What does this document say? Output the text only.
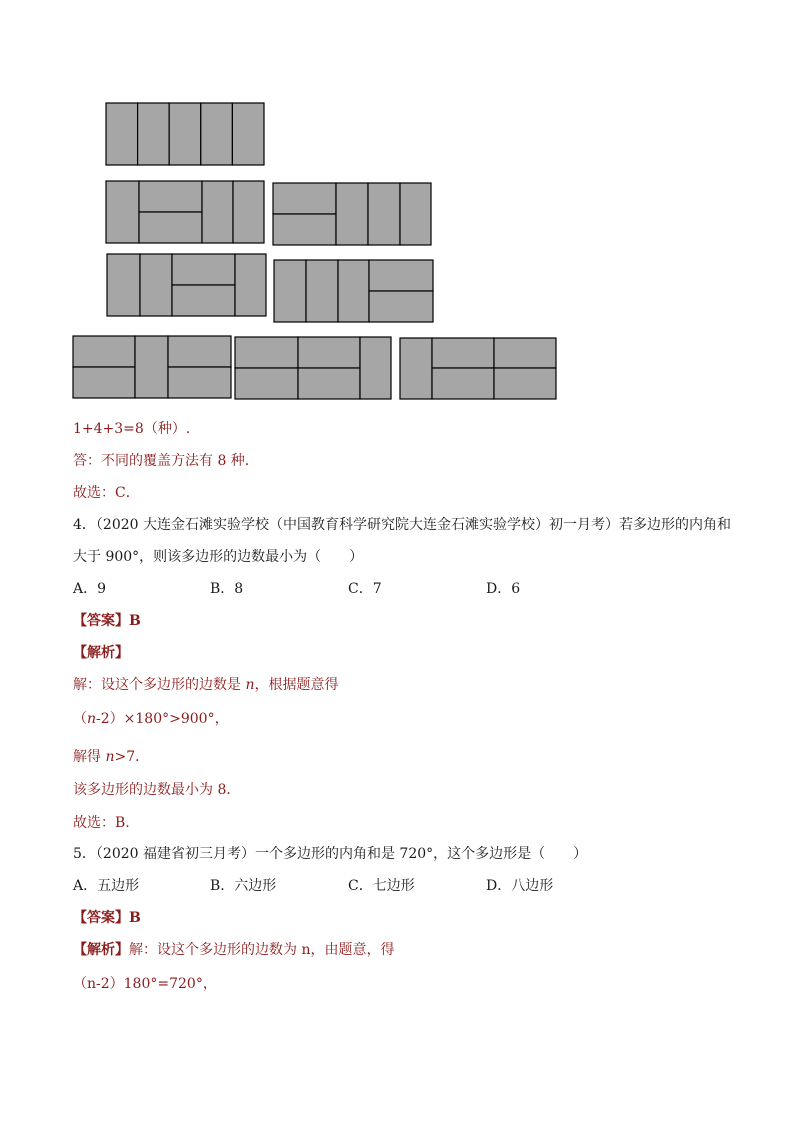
1+4+3=8（种）.
答：不同的覆盖方法有 8 种．
故选：C．
4．（2020 大连金石滩实验学校（中国教育科学研究院大连金石滩实验学校）初一月考）若多边形的内角和
大于 900°，则该多边形的边数最小为（　　）
A．9	B．8	C．7	D．6
【答案】B
【解析】
解：设这个多边形的边数是 n，根据题意得
（n-2）×180°>900°，
解得 n>7．
该多边形的边数最小为 8．
故选：B.
5．（2020 福建省初三月考）一个多边形的内角和是 720°，这个多边形是（　　）
A．五边形	B．六边形	C．七边形	D．八边形
【答案】B
【解析】解：设这个多边形的边数为 n，由题意，得
（n-2）180°=720°，
